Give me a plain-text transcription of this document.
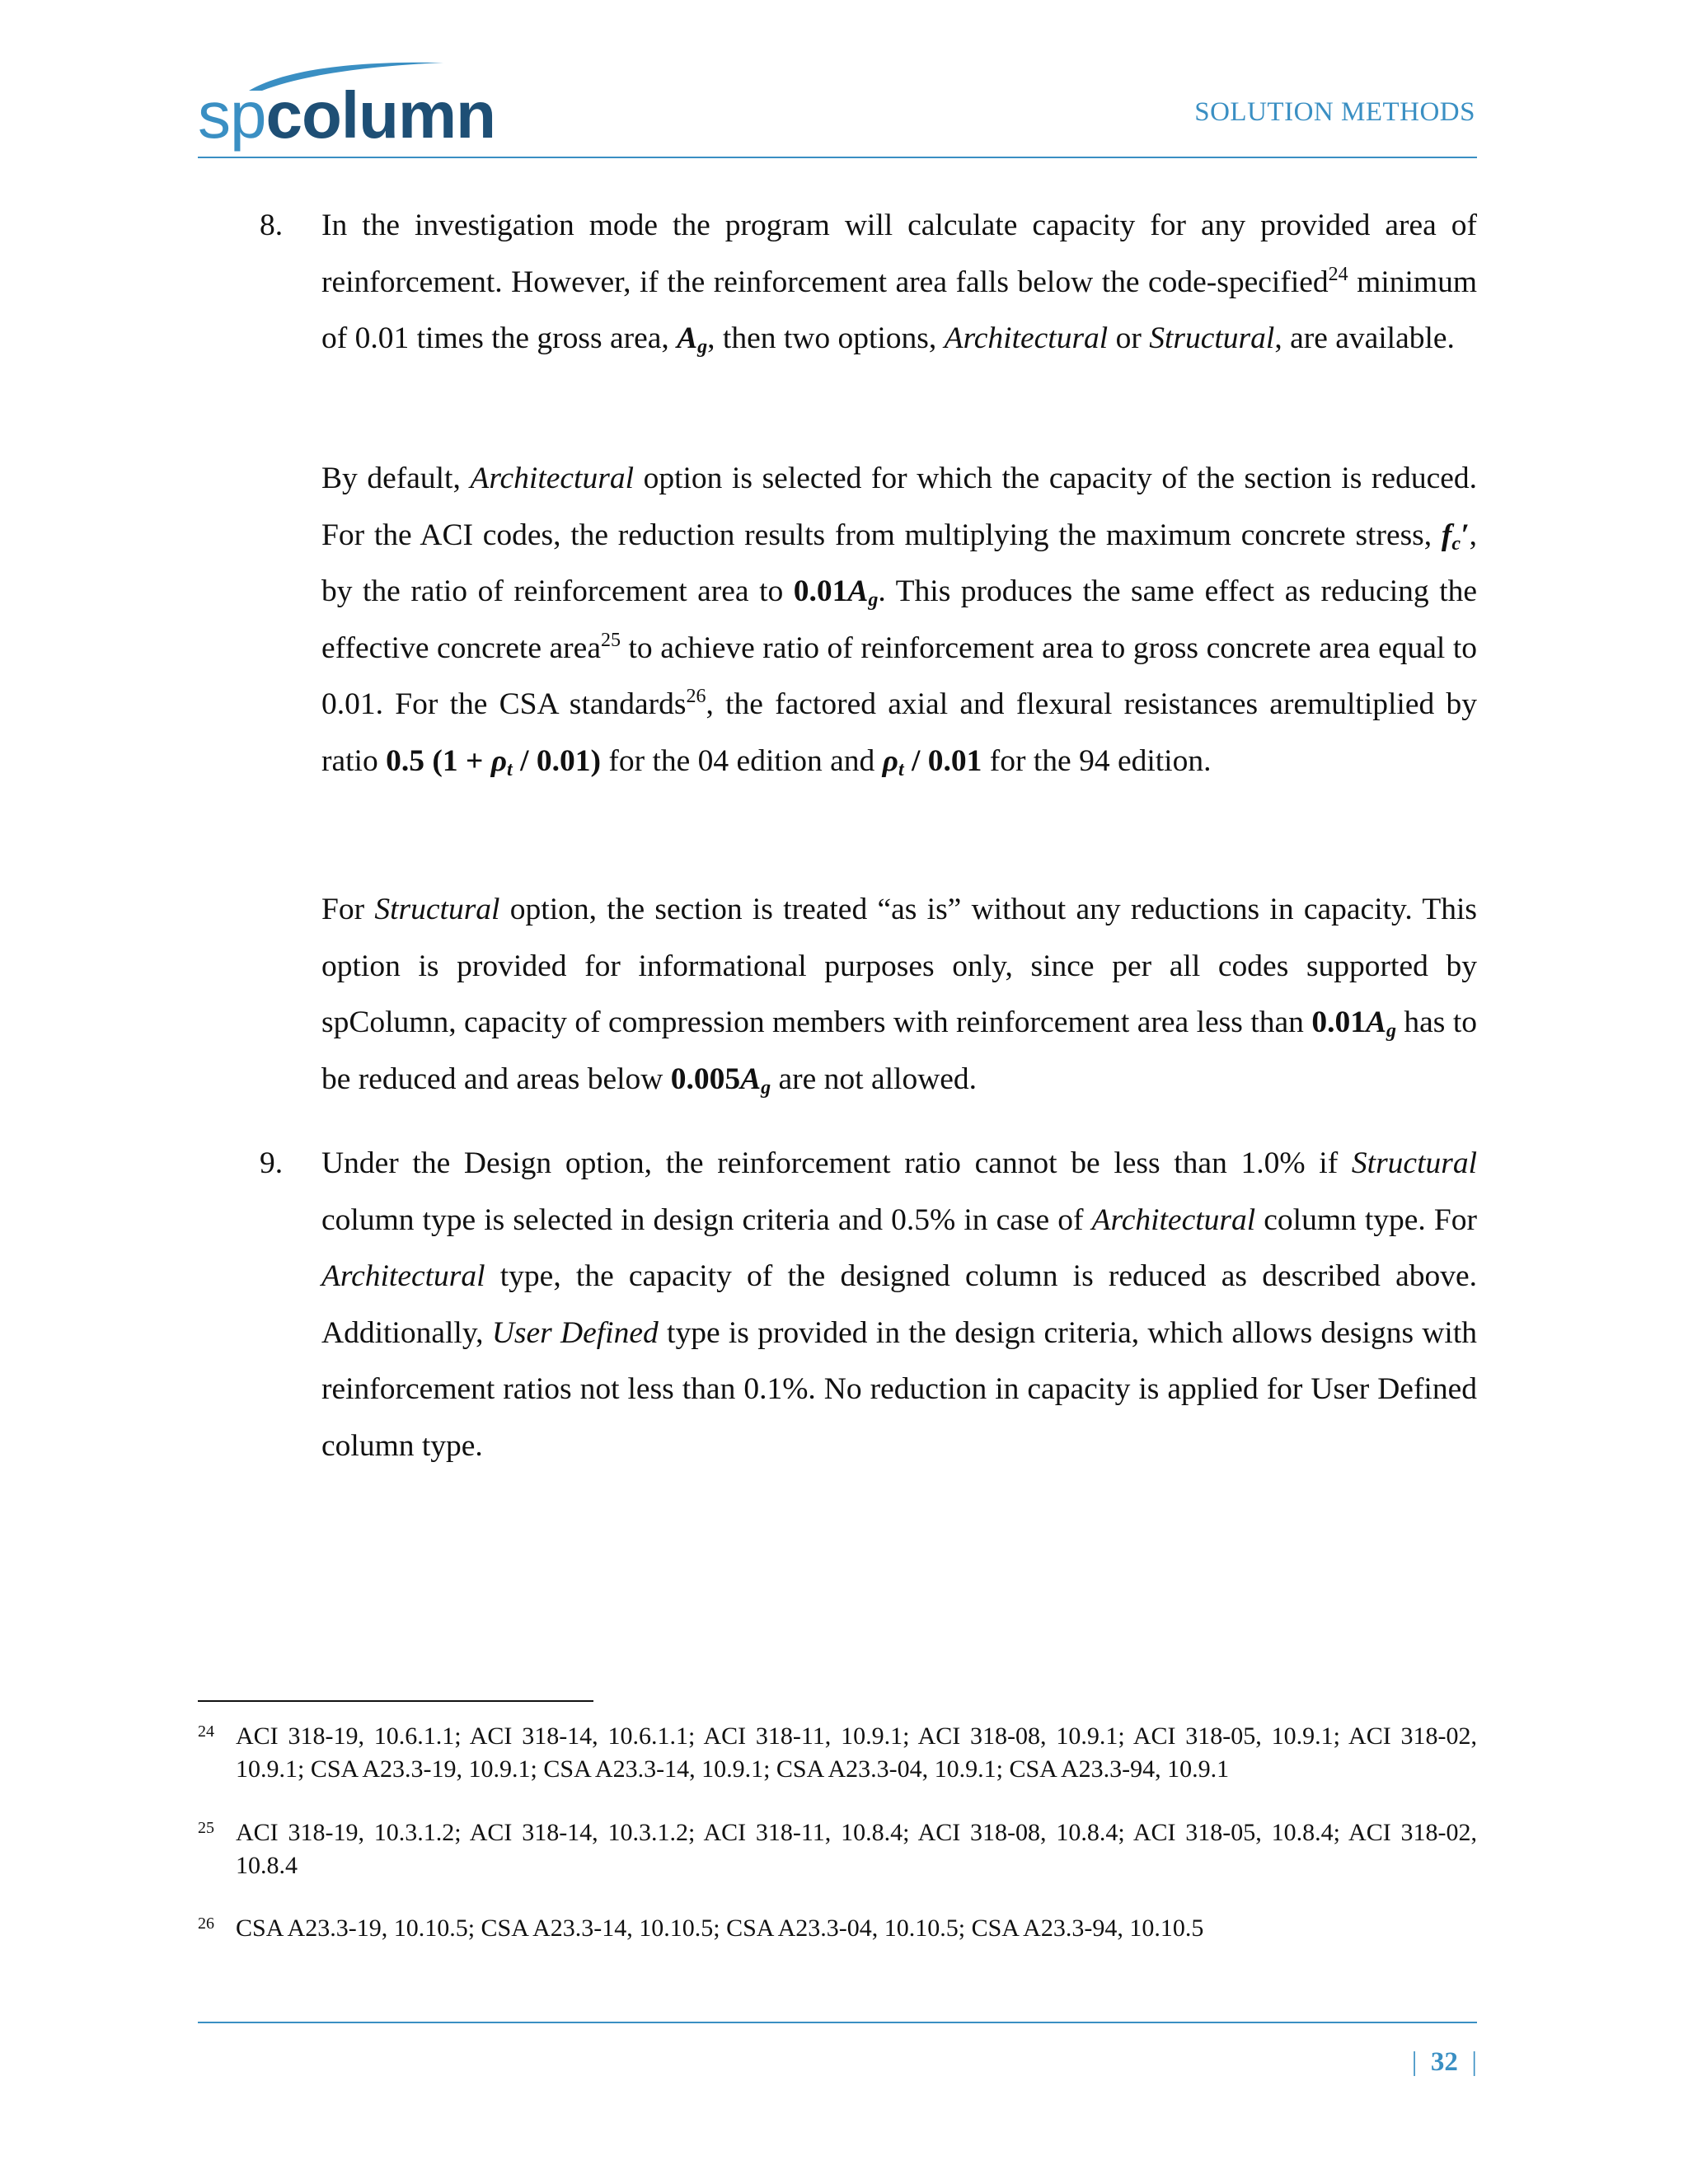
spcolumn	SOLUTION METHODS
8. In the investigation mode the program will calculate capacity for any provided area of reinforcement. However, if the reinforcement area falls below the code-specified$^{24}$ minimum of 0.01 times the gross area, $A_g$, then two options, Architectural or Structural, are available.

By default, Architectural option is selected for which the capacity of the section is reduced. For the ACI codes, the reduction results from multiplying the maximum concrete stress, $f_c'$, by the ratio of reinforcement area to $0.01A_g$. This produces the same effect as reducing the effective concrete area$^{25}$ to achieve ratio of reinforcement area to gross concrete area equal to 0.01. For the CSA standards$^{26}$, the factored axial and flexural resistances aremultiplied by ratio 0.5 $(1 + \rho_t / 0.01)$ for the 04 edition and $\rho_t / 0.01$ for the 94 edition.

For Structural option, the section is treated “as is” without any reductions in capacity. This option is provided for informational purposes only, since per all codes supported by spColumn, capacity of compression members with reinforcement area less than $0.01A_g$ has to be reduced and areas below $0.005A_g$ are not allowed.

9. Under the Design option, the reinforcement ratio cannot be less than 1.0% if Structural column type is selected in design criteria and 0.5% in case of Architectural column type. For Architectural type, the capacity of the designed column is reduced as described above. Additionally, User Defined type is provided in the design criteria, which allows designs with reinforcement ratios not less than 0.1%. No reduction in capacity is applied for User Defined column type.

24 ACI 318-19, 10.6.1.1; ACI 318-14, 10.6.1.1; ACI 318-11, 10.9.1; ACI 318-08, 10.9.1; ACI 318-05, 10.9.1; ACI 318-02, 10.9.1; CSA A23.3-19, 10.9.1; CSA A23.3-14, 10.9.1; CSA A23.3-04, 10.9.1; CSA A23.3-94, 10.9.1
25 ACI 318-19, 10.3.1.2; ACI 318-14, 10.3.1.2; ACI 318-11, 10.8.4; ACI 318-08, 10.8.4; ACI 318-05, 10.8.4; ACI 318-02, 10.8.4
26 CSA A23.3-19, 10.10.5; CSA A23.3-14, 10.10.5; CSA A23.3-04, 10.10.5; CSA A23.3-94, 10.10.5
| 32 |
